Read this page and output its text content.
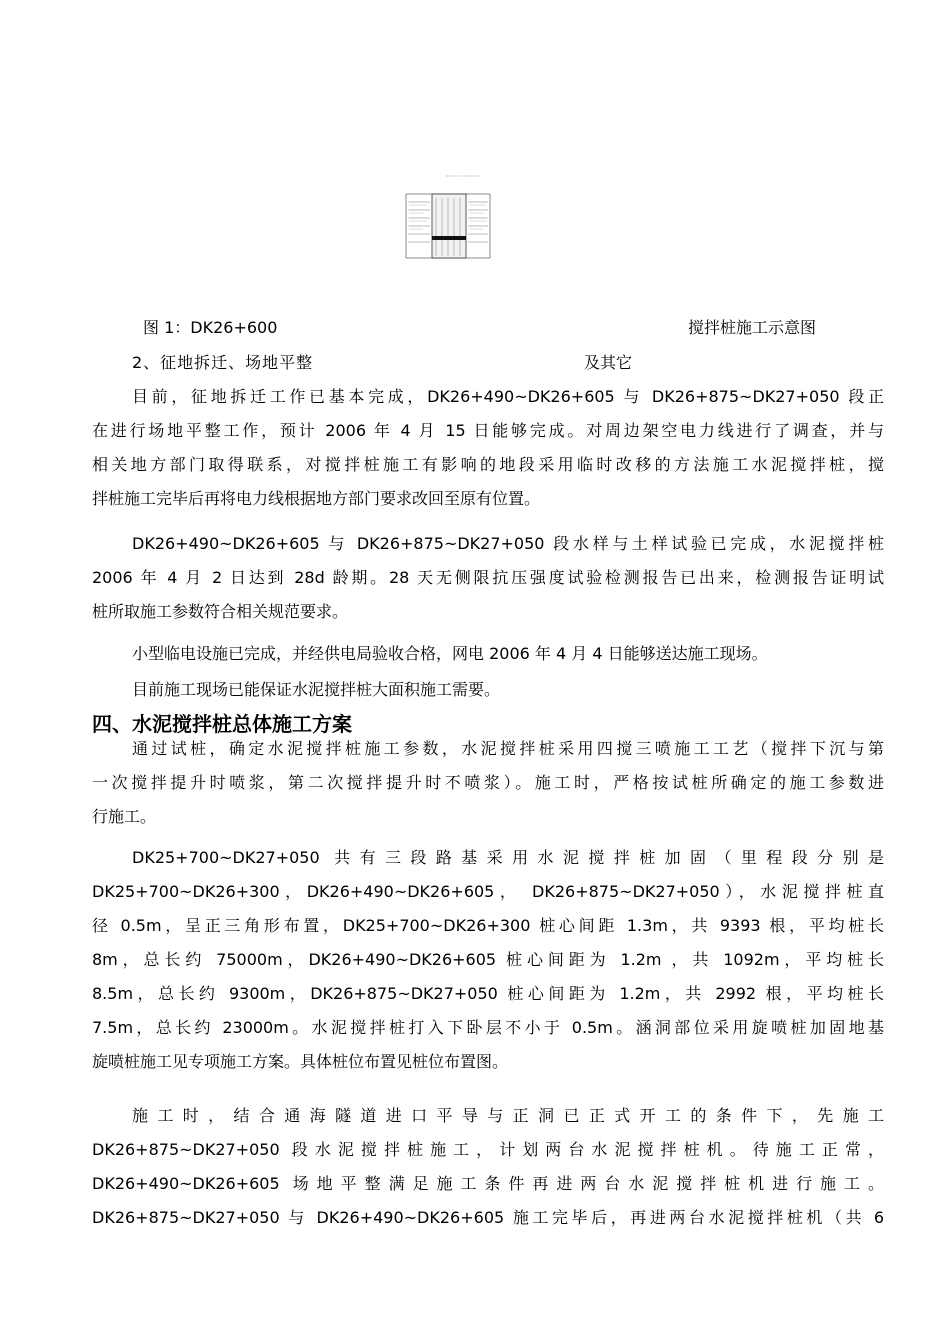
图 1：DK26+600	搅拌桩施工示意图
2、征地拆迁、场地平整	及其它
目前，征地拆迁工作已基本完成，DK26+490~DK26+605 与 DK26+875~DK27+050 段正
在进行场地平整工作，预计 2006 年 4 月 15 日能够完成。对周边架空电力线进行了调查，并与
相关地方部门取得联系，对搅拌桩施工有影响的地段采用临时改移的方法施工水泥搅拌桩，搅
拌桩施工完毕后再将电力线根据地方部门要求改回至原有位置。
DK26+490~DK26+605 与 DK26+875~DK27+050 段水样与土样试验已完成，水泥搅拌桩
2006 年 4 月 2 日达到 28d 龄期。28 天无侧限抗压强度试验检测报告已出来，检测报告证明试
桩所取施工参数符合相关规范要求。
小型临电设施已完成，并经供电局验收合格，网电 2006 年 4 月 4 日能够送达施工现场。
目前施工现场已能保证水泥搅拌桩大面积施工需要。
四、水泥搅拌桩总体施工方案
通过试桩，确定水泥搅拌桩施工参数，水泥搅拌桩采用四搅三喷施工工艺（搅拌下沉与第
一次搅拌提升时喷浆，第二次搅拌提升时不喷浆）。施工时，严格按试桩所确定的施工参数进
行施工。
DK25+700~DK27+050 共有三段路基采用水泥搅拌桩加固（里程段分别是
DK25+700~DK26+300，DK26+490~DK26+605， DK26+875~DK27+050），水泥搅拌桩直
径 0.5m，呈正三角形布置，DK25+700~DK26+300 桩心间距 1.3m，共 9393 根，平均桩长
8m，总长约 75000m，DK26+490~DK26+605 桩心间距为 1.2m ，共 1092m，平均桩长
8.5m，总长约 9300m，DK26+875~DK27+050 桩心间距为 1.2m，共 2992 根，平均桩长
7.5m，总长约 23000m。水泥搅拌桩打入下卧层不小于 0.5m。涵洞部位采用旋喷桩加固地基
旋喷桩施工见专项施工方案。具体桩位布置见桩位布置图。
施工时，结合通海隧道进口平导与正洞已正式开工的条件下，先施工
DK26+875~DK27+050 段水泥搅拌桩施工，计划两台水泥搅拌桩机。待施工正常，
DK26+490~DK26+605 场地平整满足施工条件再进两台水泥搅拌桩机进行施工。
DK26+875~DK27+050 与 DK26+490~DK26+605 施工完毕后，再进两台水泥搅拌桩机（共 6
